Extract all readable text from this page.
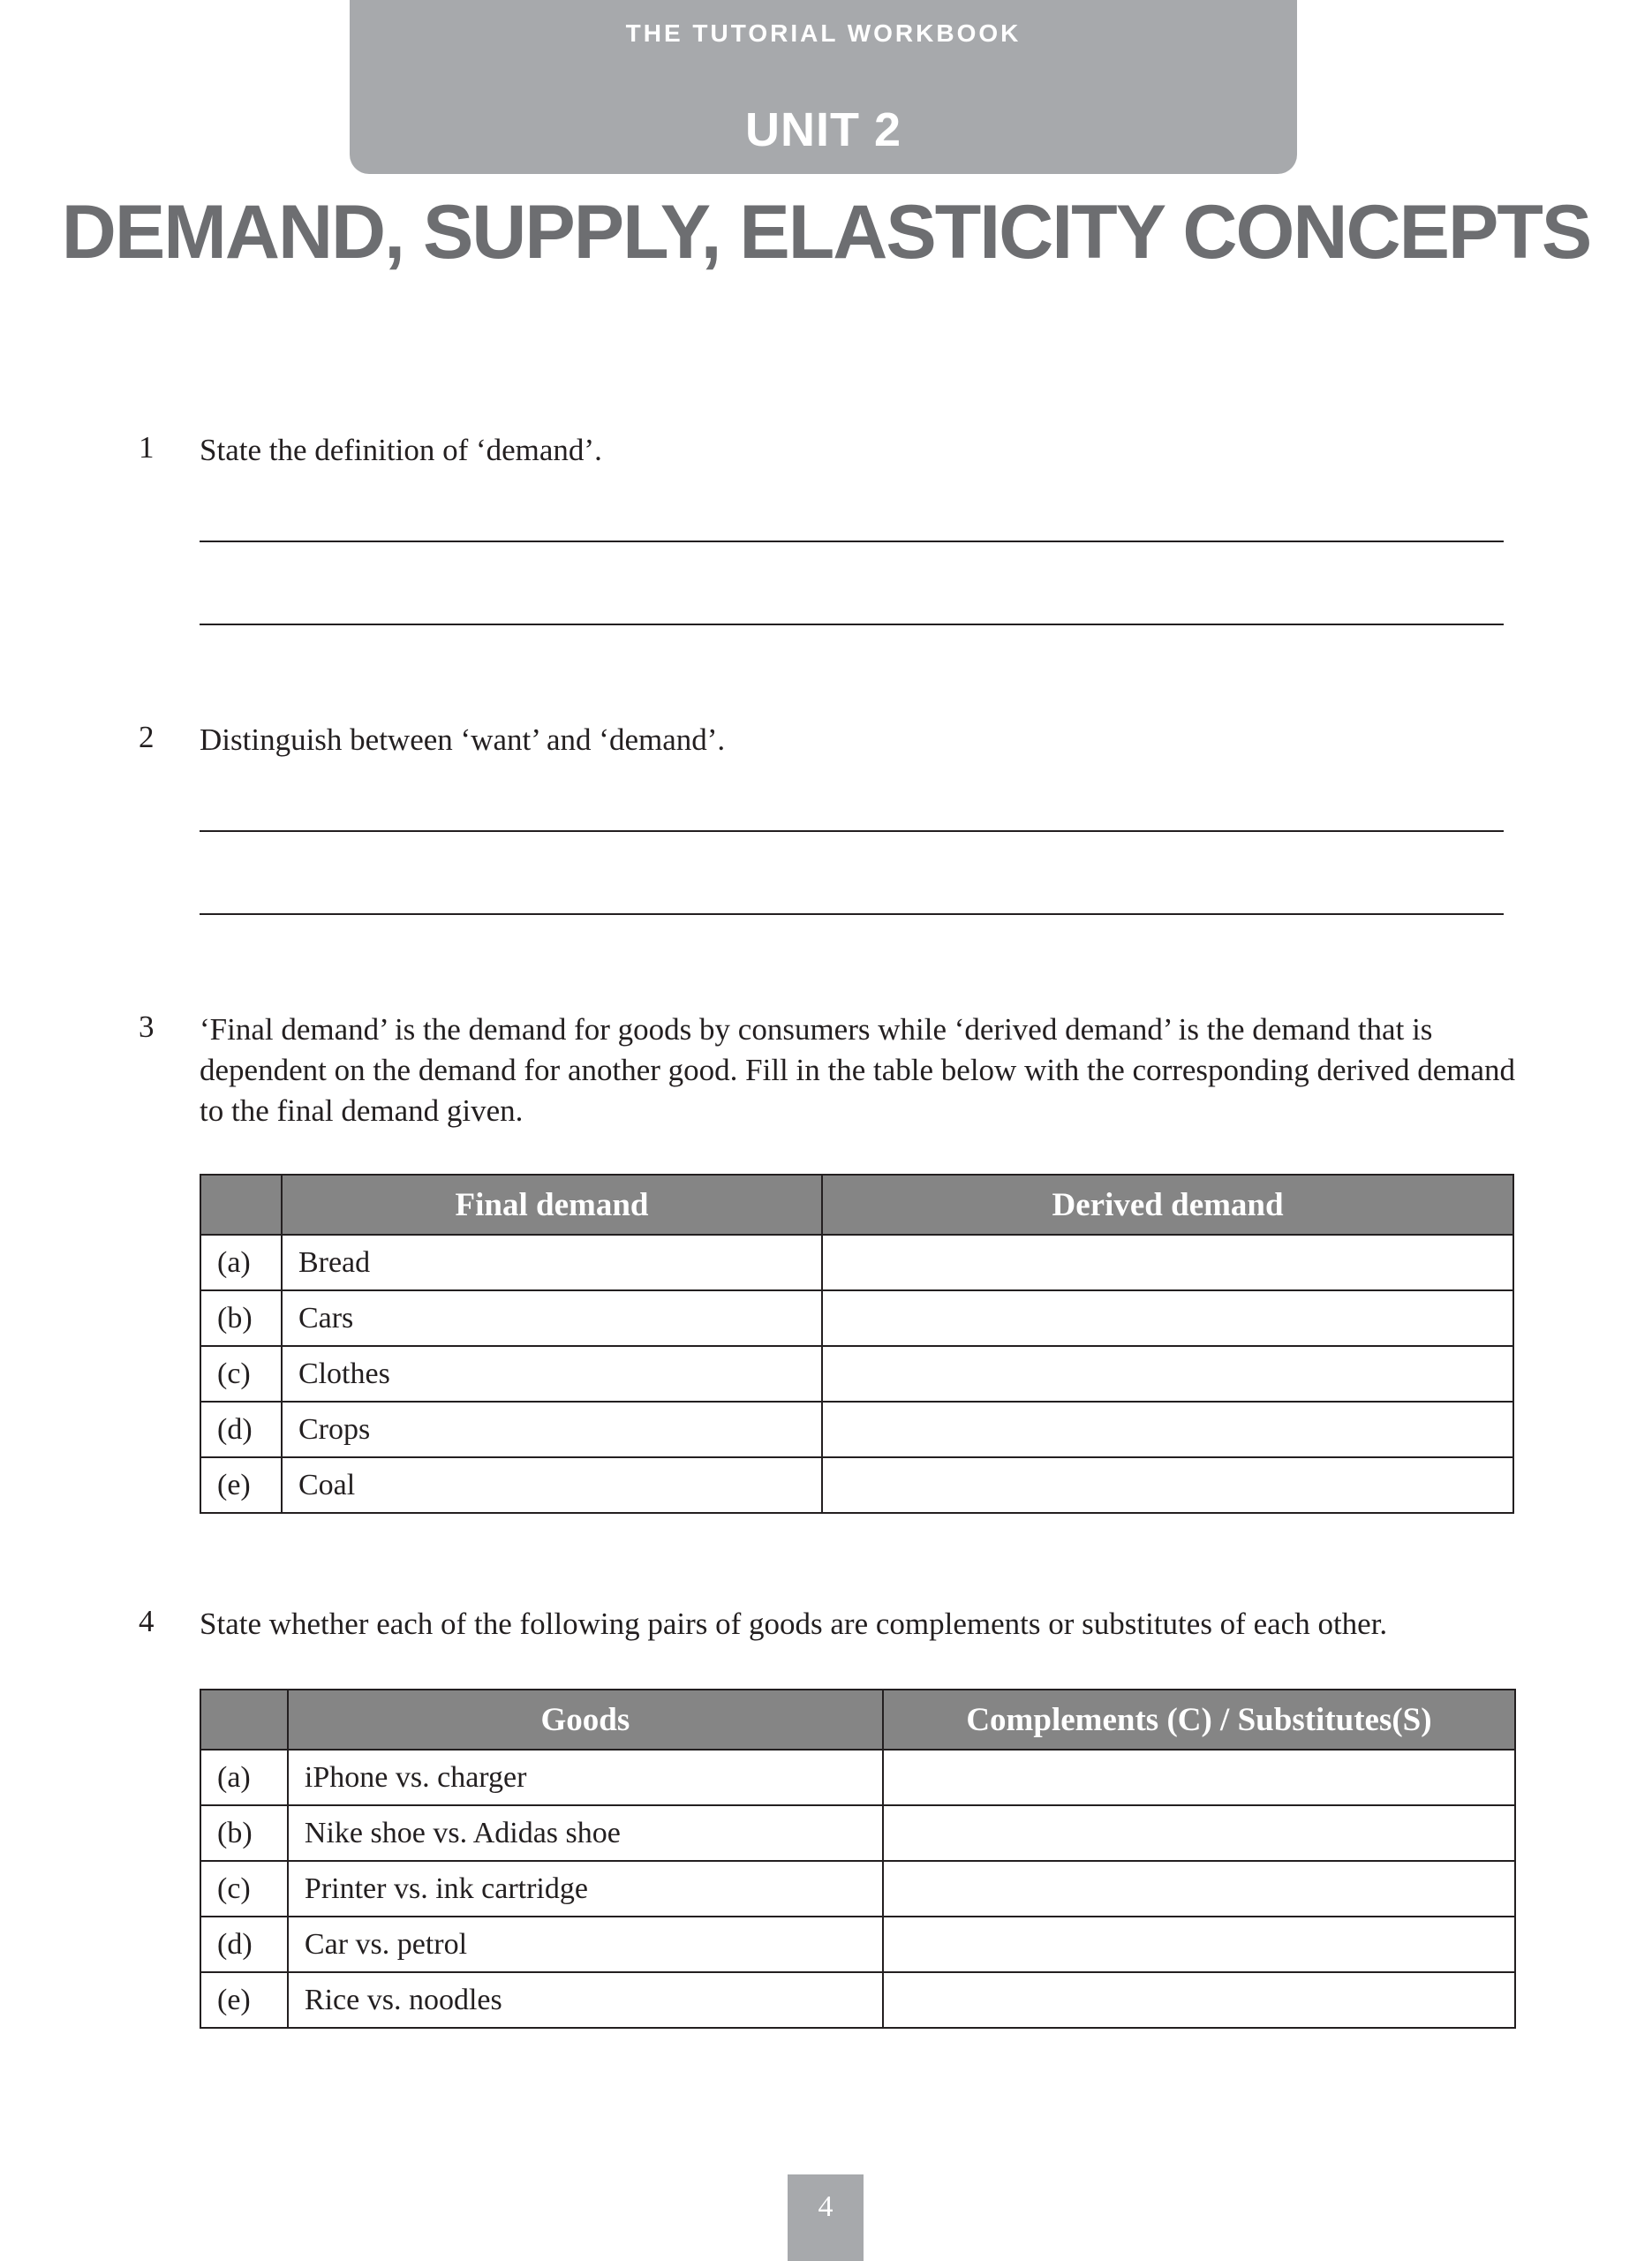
THE TUTORIAL WORKBOOK
UNIT 2
DEMAND, SUPPLY, ELASTICITY CONCEPTS
1 State the definition of ‘demand’.
2 Distinguish between ‘want’ and ‘demand’.
3 ‘Final demand’ is the demand for goods by consumers while ‘derived demand’ is the demand that is dependent on the demand for another good. Fill in the table below with the corresponding derived demand to the final demand given.
	Final demand	Derived demand
(a)	Bread	
(b)	Cars	
(c)	Clothes	
(d)	Crops	
(e)	Coal	
4 State whether each of the following pairs of goods are complements or substitutes of each other.
	Goods	Complements (C) / Substitutes(S)
(a)	iPhone vs. charger	
(b)	Nike shoe vs. Adidas shoe	
(c)	Printer vs. ink cartridge	
(d)	Car vs. petrol	
(e)	Rice vs. noodles	
4
